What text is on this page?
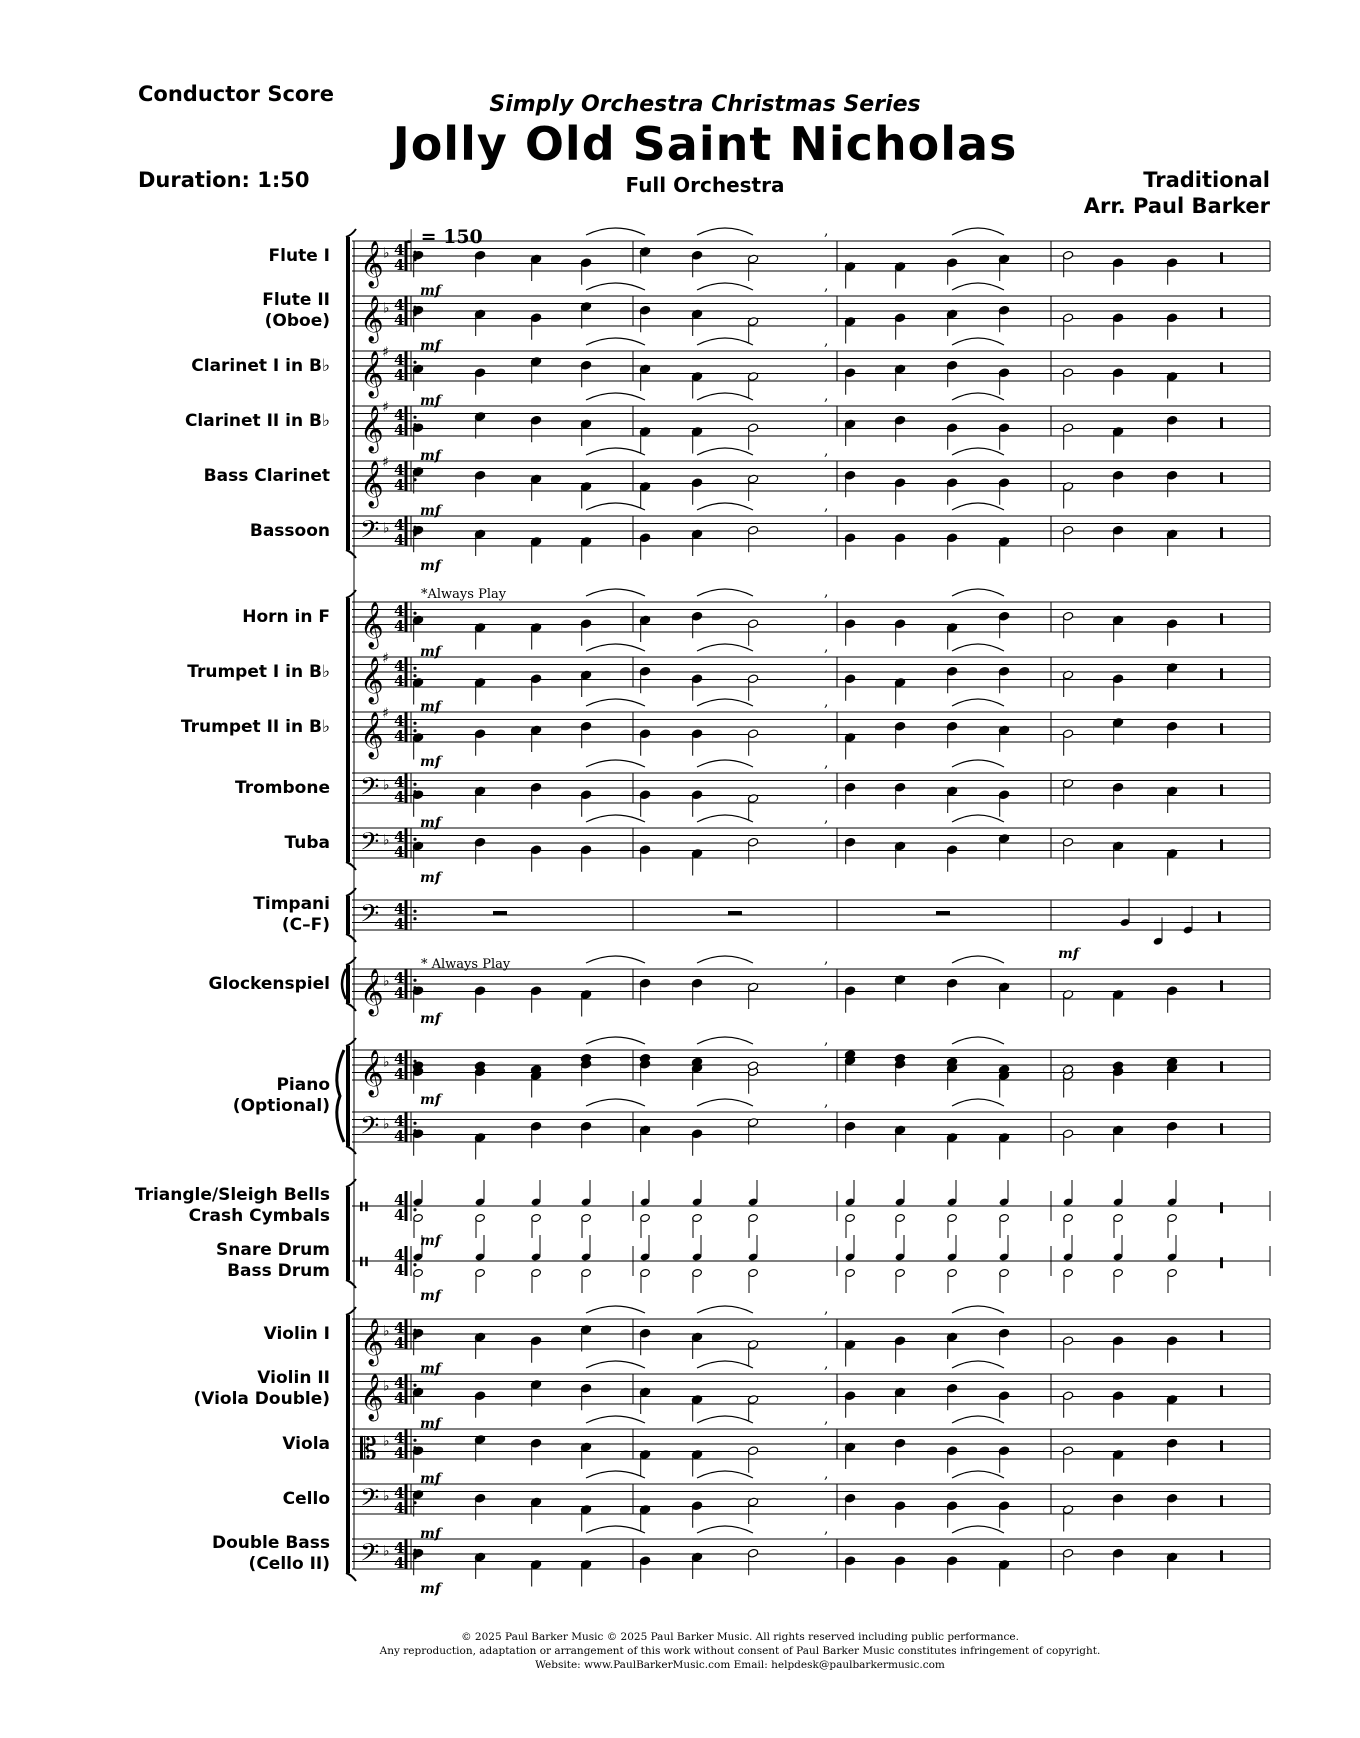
Conductor Score
Duration: 1:50
Simply Orchestra Christmas Series
Jolly Old Saint Nicholas
Full Orchestra	Traditional
Arr. Paul Barker
♩ = 150
*Always Play
* Always Play
Flute I
Flute II
(Oboe)
Clarinet I in B♭
Clarinet II in B♭
Bass Clarinet
Bassoon
Horn in F
Trumpet I in B♭
Trumpet II in B♭
Trombone
Tuba
Timpani
(C–F)
Glockenspiel
Piano
(Optional)
Triangle/Sleigh Bells
Crash Cymbals
Snare Drum
Bass Drum
Violin I
Violin II
(Viola Double)
Viola
Cello
Double Bass
(Cello II)
𝄞 ♭ 4
4
,
mf
𝄞 ♭ 4
4
,
mf
𝄞
♯ 4
4
,
mf
𝄞
♯ 4
4
,
mf
𝄞
♯ 4
4
,
mf
𝄢 ♭ 4
4
,
mf
𝄞 4
4
,
mf
𝄞
♯ 4
4
,
mf
𝄞
♯ 4
4
,
mf
𝄢 ♭ 4
4
,
mf
𝄢 ♭ 4
4
,
mf
𝄢 4
4
mf
𝄞 ♭ 4
4
,
mf
𝄞 ♭ 4
4
,
mf
𝄢 ♭ 4
4
,
𝄥 4
4
mf
𝄥 4
4
mf
𝄞 ♭ 4
4
,
mf
𝄞 ♭ 4
4
,
mf
𝄡 ♭ 4
4
,
mf
𝄢 ♭ 4
4
,
mf
𝄢 ♭ 4
4
,
mf
© 2025 Paul Barker Music © 2025 Paul Barker Music. All rights reserved including public performance.
Any reproduction, adaptation or arrangement of this work without consent of Paul Barker Music constitutes infringement of copyright.
Website: www.PaulBarkerMusic.com Email: helpdesk@paulbarkermusic.com
